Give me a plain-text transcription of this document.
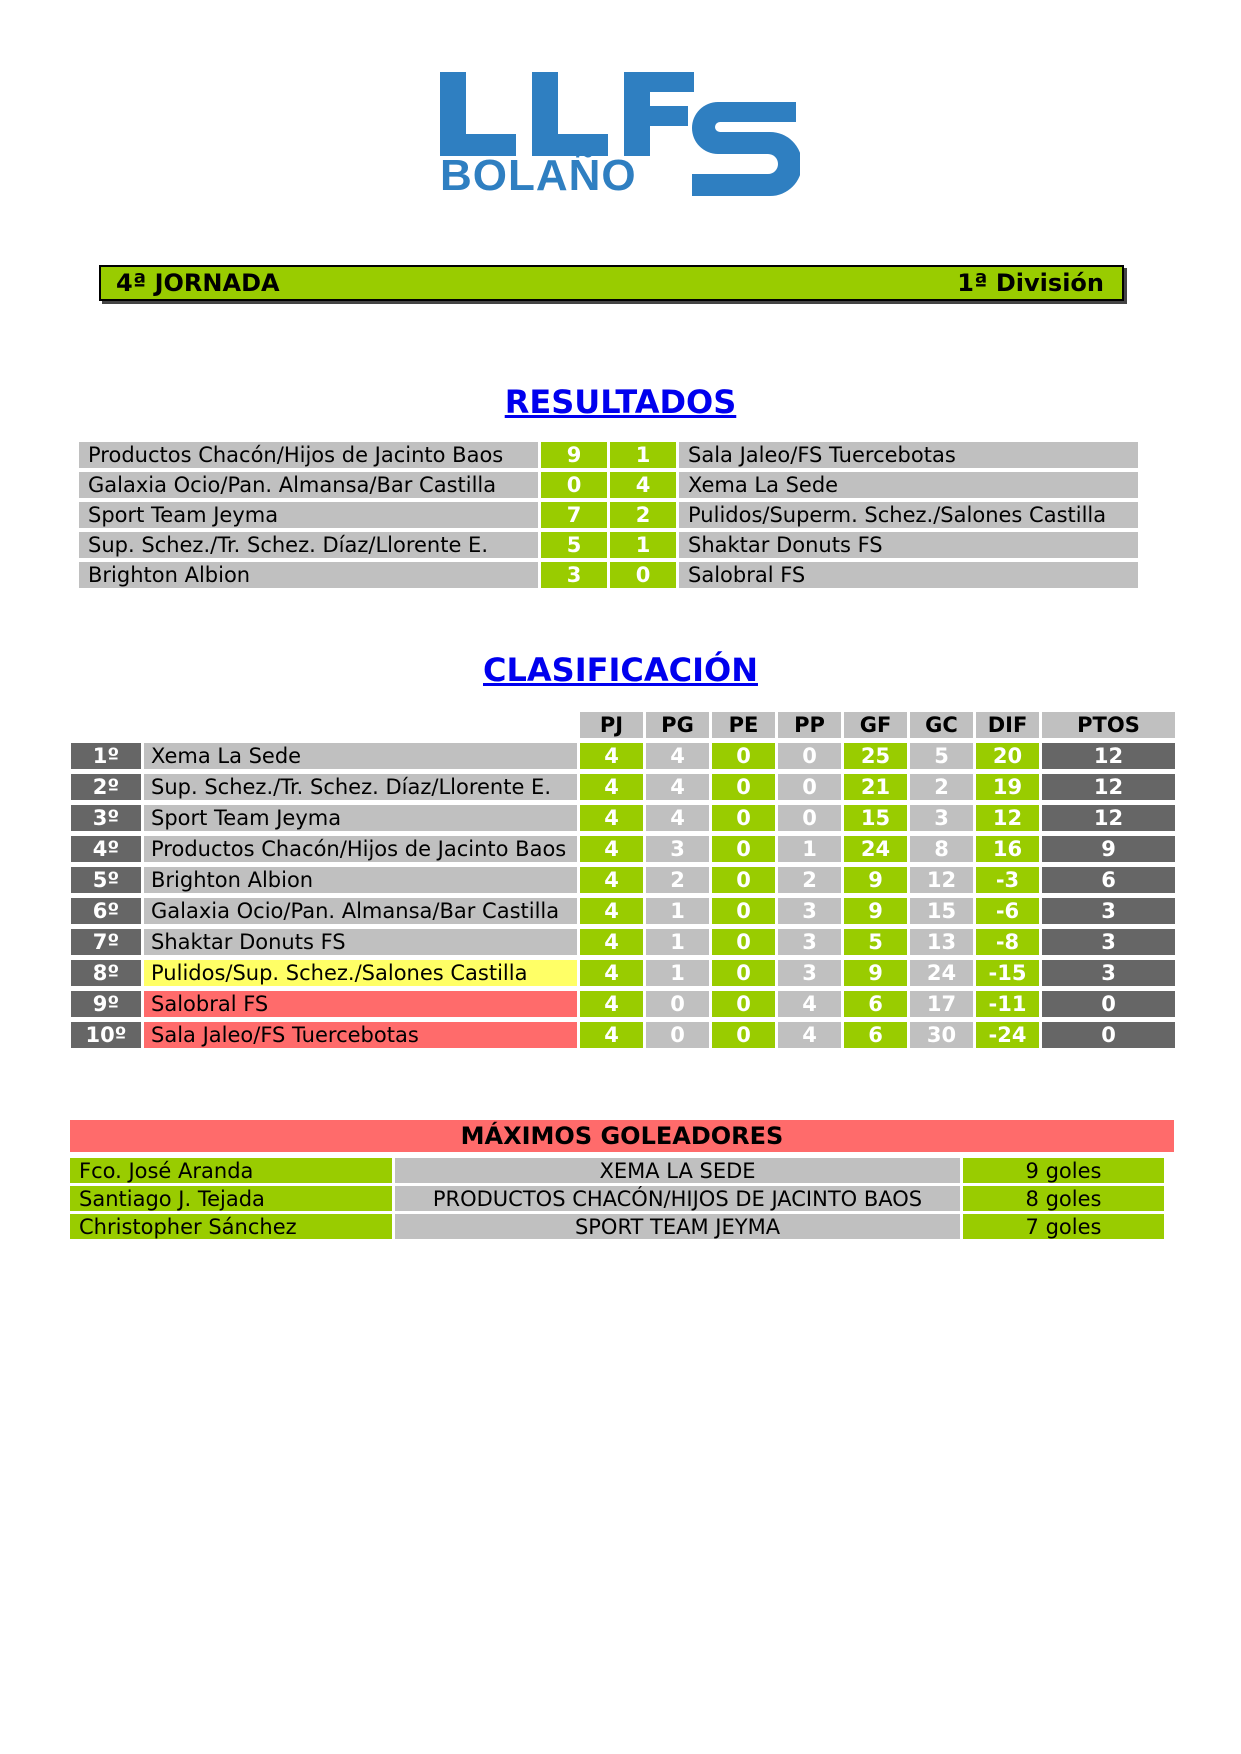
BOLAÑO
4ª JORNADA	1ª División
RESULTADOS
Productos Chacón/Hijos de Jacinto Baos	9	1	Sala Jaleo/FS Tuercebotas
Galaxia Ocio/Pan. Almansa/Bar Castilla	0	4	Xema La Sede
Sport Team Jeyma	7	2	Pulidos/Superm. Schez./Salones Castilla
Sup. Schez./Tr. Schez. Díaz/Llorente E.	5	1	Shaktar Donuts FS
Brighton Albion	3	0	Salobral FS
CLASIFICACIÓN
		PJ	PG	PE	PP	GF	GC	DIF	PTOS
1º	Xema La Sede	4	4	0	0	25	5	20	12
2º	Sup. Schez./Tr. Schez. Díaz/Llorente E.	4	4	0	0	21	2	19	12
3º	Sport Team Jeyma	4	4	0	0	15	3	12	12
4º	Productos Chacón/Hijos de Jacinto Baos	4	3	0	1	24	8	16	9
5º	Brighton Albion	4	2	0	2	9	12	-3	6
6º	Galaxia Ocio/Pan. Almansa/Bar Castilla	4	1	0	3	9	15	-6	3
7º	Shaktar Donuts FS	4	1	0	3	5	13	-8	3
8º	Pulidos/Sup. Schez./Salones Castilla	4	1	0	3	9	24	-15	3
9º	Salobral FS	4	0	0	4	6	17	-11	0
10º	Sala Jaleo/FS Tuercebotas	4	0	0	4	6	30	-24	0
MÁXIMOS GOLEADORES
Fco. José Aranda	XEMA LA SEDE	9 goles
Santiago J. Tejada	PRODUCTOS CHACÓN/HIJOS DE JACINTO BAOS	8 goles
Christopher Sánchez	SPORT TEAM JEYMA	7 goles
